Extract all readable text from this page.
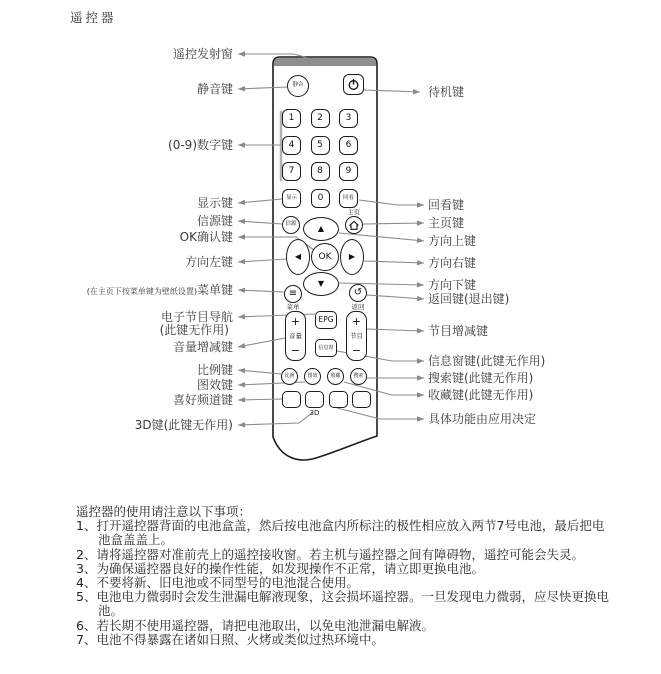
遥控器
静音
1	2	3
4	5	6
7	8	9
显示 0	回看
主页
信源	▲
◀ OK ▶
▼
≡	↺
菜单	返回
+
音量
−
EPG
信息窗
+
节目
−
比例	图效	收藏	搜索
3D
遥控发射窗
静音键
(0-9)数字键
显示键
信源键
OK确认键
方向左键
(在主页下按菜单键为壁纸设置)菜单键
电子节目导航
(此键无作用)
音量增减键
比例键
图效键
喜好频道键
3D键(此键无作用)
待机键
回看键
主页键
方向上键
方向右键
方向下键
返回键(退出键)
节目增减键
信息窗键(此键无作用)
搜索键(此键无作用)
收藏键(此键无作用)
具体功能由应用决定
遥控器的使用请注意以下事项：
1、打开遥控器背面的电池盒盖，然后按电池盒内所标注的极性相应放入两节7号电池，最后把电池盒盖盖上。
2、请将遥控器对准前壳上的遥控接收窗。若主机与遥控器之间有障碍物，遥控可能会失灵。
3、为确保遥控器良好的操作性能，如发现操作不正常，请立即更换电池。
4、不要将新、旧电池或不同型号的电池混合使用。
5、电池电力微弱时会发生泄漏电解液现象，这会损坏遥控器。一旦发现电力微弱，应尽快更换电池。
6、若长期不使用遥控器，请把电池取出，以免电池泄漏电解液。
7、电池不得暴露在诸如日照、火烤或类似过热环境中。
